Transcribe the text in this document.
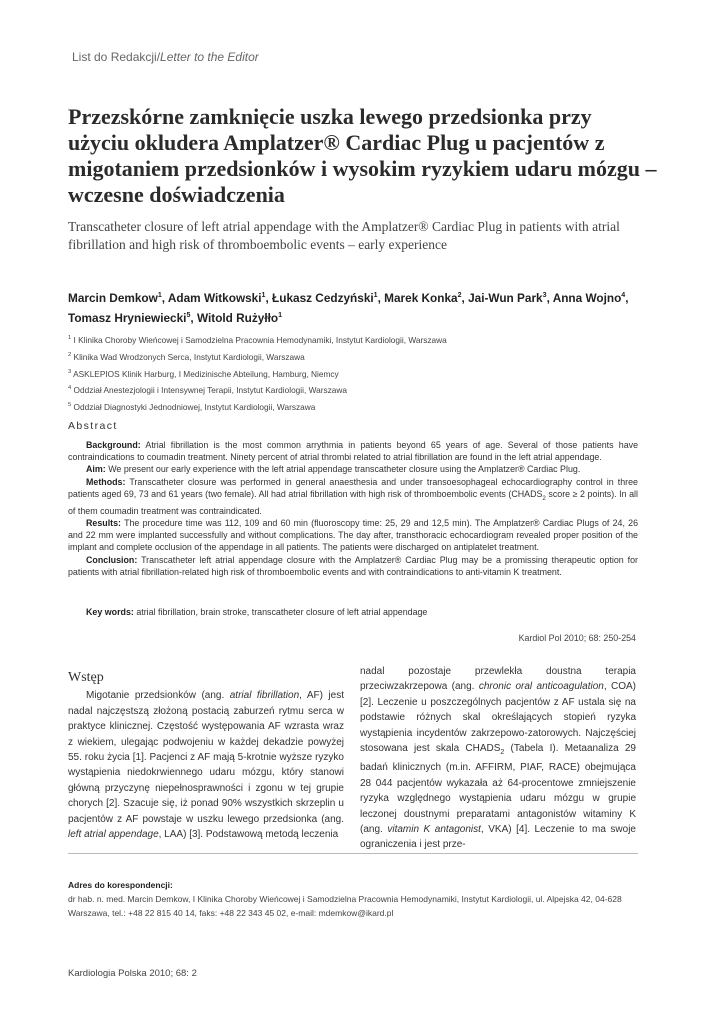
List do Redakcji/Letter to the Editor
Przezskórne zamknięcie uszka lewego przedsionka przy użyciu okludera Amplatzer® Cardiac Plug u pacjentów z migotaniem przedsionków i wysokim ryzykiem udaru mózgu – wczesne doświadczenia
Transcatheter closure of left atrial appendage with the Amplatzer® Cardiac Plug in patients with atrial fibrillation and high risk of thromboembolic events – early experience
Marcin Demkow$^1$, Adam Witkowski$^1$, Łukasz Cedzyński$^1$, Marek Konka$^2$, Jai-Wun Park$^3$, Anna Wojno$^4$,
Tomasz Hryniewiecki$^5$, Witold Rużyłło$^1$
$^1$ I Klinika Choroby Wieńcowej i Samodzielna Pracownia Hemodynamiki, Instytut Kardiologii, Warszawa
$^2$ Klinika Wad Wrodzonych Serca, Instytut Kardiologii, Warszawa
$^3$ ASKLEPIOS Klinik Harburg, I Medizinische Abteilung, Hamburg, Niemcy
$^4$ Oddział Anestezjologii i Intensywnej Terapii, Instytut Kardiologii, Warszawa
$^5$ Oddział Diagnostyki Jednodniowej, Instytut Kardiologii, Warszawa
Abstract

Background: Atrial fibrillation is the most common arrythmia in patients beyond 65 years of age. Several of those patients have contraindications to coumadin treatment. Ninety percent of atrial thrombi related to atrial fibrillation are found in the left atrial appendage.

Aim: We present our early experience with the left atrial appendage transcatheter closure using the Amplatzer® Cardiac Plug.

Methods: Transcatheter closure was performed in general anaesthesia and under transoesophageal echocardiography control in three patients aged 69, 73 and 61 years (two female). All had atrial fibrillation with high risk of thromboembolic events ($CHADS_2$ score ≥ 2 points). In all of them coumadin treatment was contraindicated.

Results: The procedure time was 112, 109 and 60 min (fluoroscopy time: 25, 29 and 12,5 min). The Amplatzer® Cardiac Plugs of 24, 26 and 22 mm were implanted successfully and without complications. The day after, transthoracic echocardiogram revealed proper position of the implant and complete occlusion of the appendage in all patients. The patients were discharged on antiplatelet treatment.

Conclusion: Transcatheter left atrial appendage closure with the Amplatzer® Cardiac Plug may be a promissing therapeutic option for patients with atrial fibrillation-related high risk of thromboembolic events and with contraindications to anti-vitamin K treatment.

Key words: atrial fibrillation, brain stroke, transcatheter closure of left atrial appendage
Kardiol Pol 2010; 68: 250-254
Wstęp

Migotanie przedsionków (ang. atrial fibrillation, AF) jest nadal najczęstszą złożoną postacią zaburzeń rytmu serca w praktyce klinicznej. Częstość występowania AF wzrasta wraz z wiekiem, ulegając podwojeniu w każdej dekadzie powyżej 55. roku życia [1]. Pacjenci z AF mają 5-krotnie wyższe ryzyko wystąpienia niedokrwiennego udaru mózgu, który stanowi główną przyczynę niepełnosprawności i zgonu w tej grupie chorych [2]. Szacuje się, iż ponad 90% wszystkich skrzeplin u pacjentów z AF powstaje w uszku lewego przedsionka (ang. left atrial appendage, LAA) [3]. Podstawową metodą leczenia

nadal pozostaje przewlekła doustna terapia przeciwzakrzepowa (ang. chronic oral anticoagulation, COA) [2]. Leczenie u poszczególnych pacjentów z AF ustala się na podstawie różnych skal określających stopień ryzyka wystąpienia incydentów zakrzepowo-zatorowych. Najczęściej stosowana jest skala $CHADS_2$ (Tabela I). Metaanaliza 29 badań klinicznych (m.in. AFFIRM, PIAF, RACE) obejmująca 28 044 pacjentów wykazała aż 64-procentowe zmniejszenie ryzyka względnego wystąpienia udaru mózgu w grupie leczonej doustnymi preparatami antagonistów witaminy K (ang. vitamin K antagonist, VKA) [4]. Leczenie to ma swoje ograniczenia i jest prze-

Adres do korespondencji:
dr hab. n. med. Marcin Demkow, I Klinika Choroby Wieńcowej i Samodzielna Pracownia Hemodynamiki, Instytut Kardiologii, ul. Alpejska 42, 04-628 Warszawa, tel.: +48 22 815 40 14, faks: +48 22 343 45 02, e-mail: mdemkow@ikard.pl
Kardiologia Polska 2010; 68: 2
